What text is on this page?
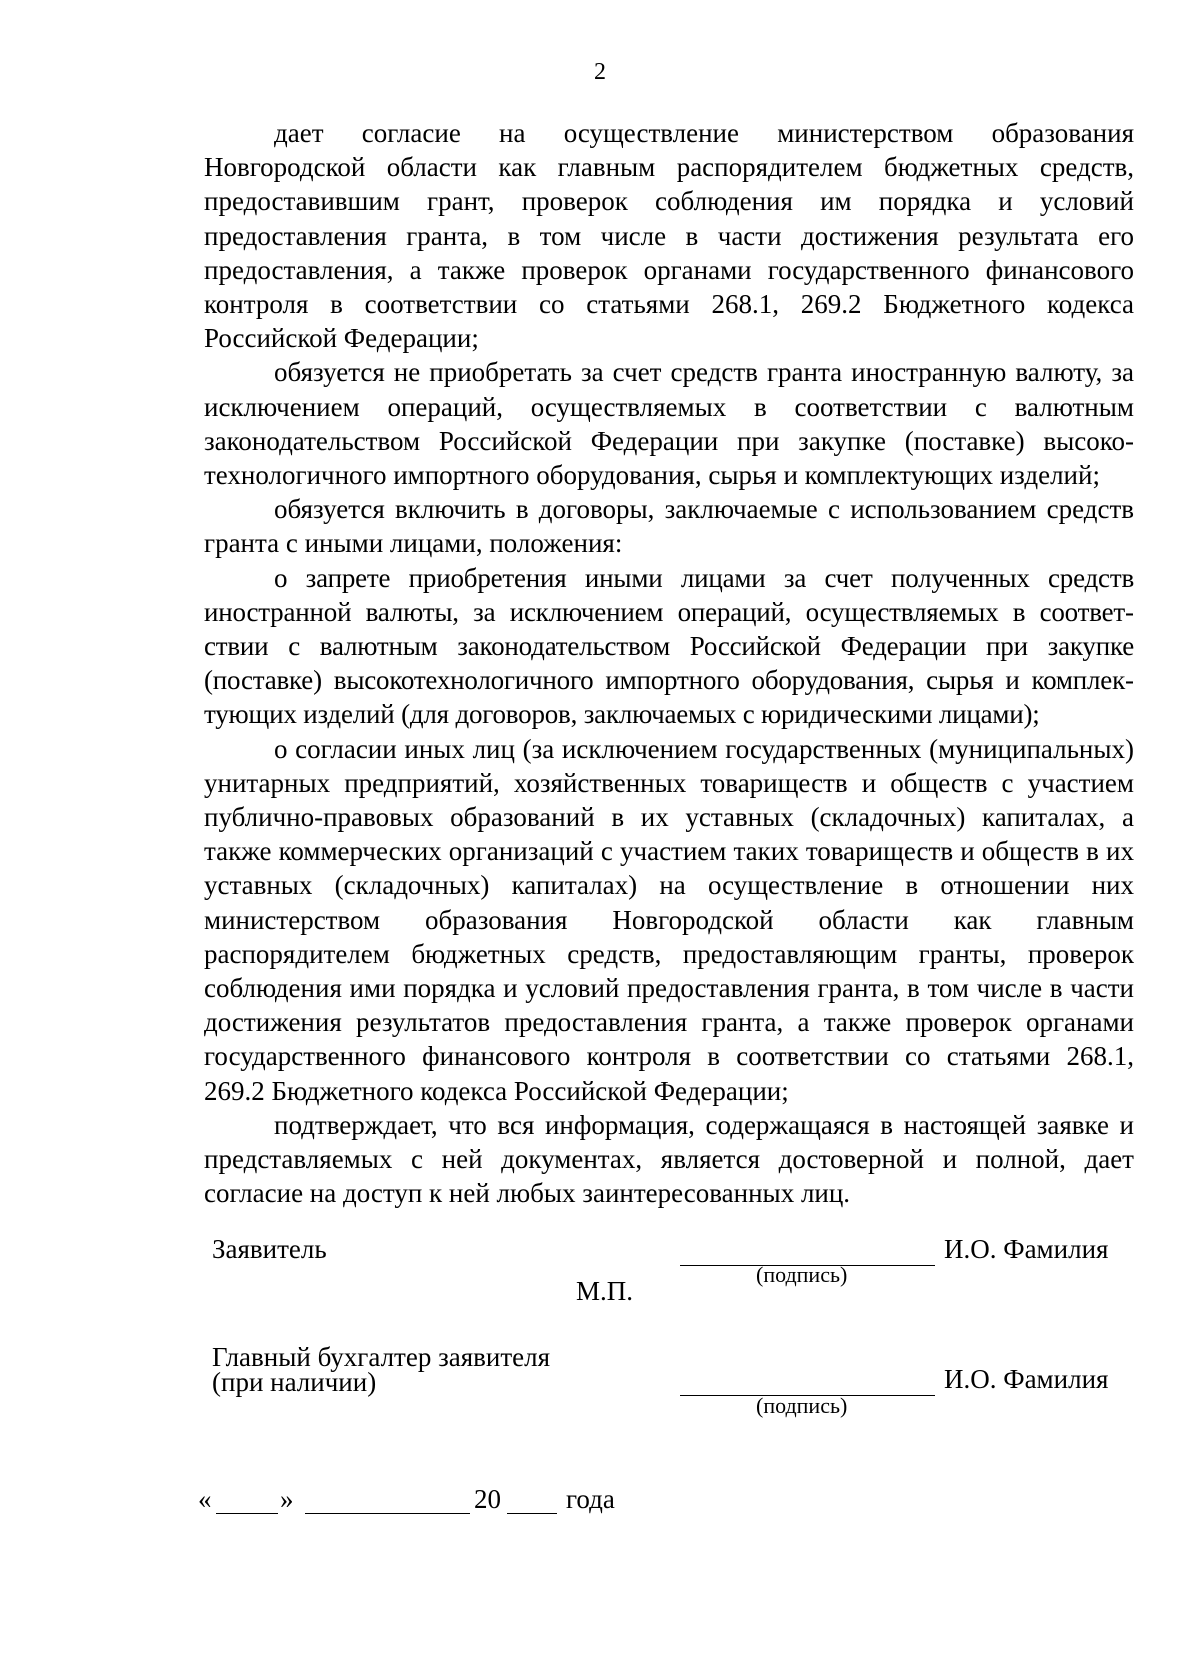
2

дает согласие на осуществление министерством образования Новгородской области как главным распорядителем бюджетных средств, предоставившим грант, проверок соблюдения им порядка и условий предоставления гранта, в том числе в части достижения результата его предоставления, а также проверок органами государственного финансового контроля в соответствии со статьями 268.1, 269.2 Бюджетного кодекса Российской Федерации;

обязуется не приобретать за счет средств гранта иностранную валюту, за исключением операций, осуществляемых в соответствии с валютным законодательством Российской Федерации при закупке (поставке) высокотехнологичного импортного оборудования, сырья и комплектующих изделий;

обязуется включить в договоры, заключаемые с использованием средств гранта с иными лицами, положения:

о запрете приобретения иными лицами за счет полученных средств иностранной валюты, за исключением операций, осуществляемых в соответствии с валютным законодательством Российской Федерации при закупке (поставке) высокотехнологичного импортного оборудования, сырья и комплектующих изделий (для договоров, заключаемых с юридическими лицами);

о согласии иных лиц (за исключением государственных (муниципальных) унитарных предприятий, хозяйственных товариществ и обществ с участием публично-правовых образований в их уставных (складочных) капиталах, а также коммерческих организаций с участием таких товариществ и обществ в их уставных (складочных) капиталах) на осуществление в отношении них министерством образования Новгородской области как главным распорядителем бюджетных средств, предоставляющим гранты, проверок соблюдения ими порядка и условий предоставления гранта, в том числе в части достижения результатов предоставления гранта, а также проверок органами государственного финансового контроля в соответствии со статьями 268.1, 269.2 Бюджетного кодекса Российской Федерации;

подтверждает, что вся информация, содержащаяся в настоящей заявке и представляемых с ней документах, является достоверной и полной, дает согласие на доступ к ней любых заинтересованных лиц.

Заявитель	И.О. Фамилия
(подпись)
М.П.
Главный бухгалтер заявителя
(при наличии)	И.О. Фамилия
(подпись)
«	»	20 года
